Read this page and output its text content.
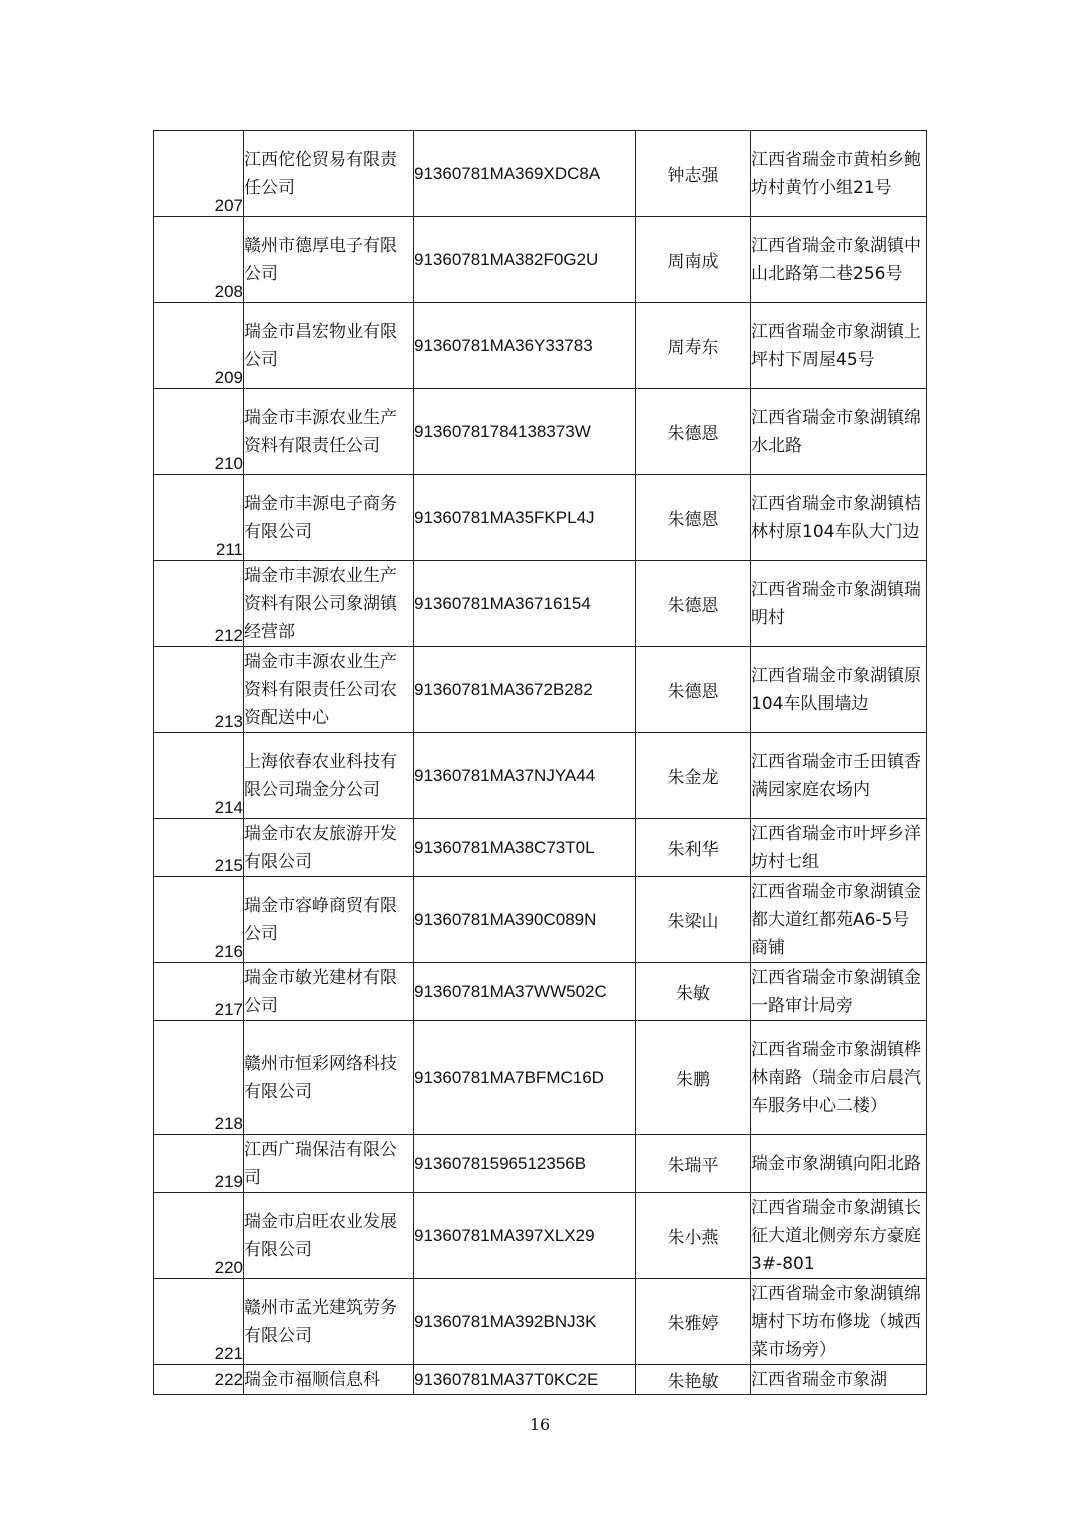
207	江西佗伦贸易有限责任公司	91360781MA369XDC8A	钟志强	江西省瑞金市黄柏乡鲍坊村黄竹小组21号
208	赣州市德厚电子有限公司	91360781MA382F0G2U	周南成	江西省瑞金市象湖镇中山北路第二巷256号
209	瑞金市昌宏物业有限公司	91360781MA36Y33783	周寿东	江西省瑞金市象湖镇上坪村下周屋45号
210	瑞金市丰源农业生产资料有限责任公司	91360781784138373W	朱德恩	江西省瑞金市象湖镇绵水北路
211	瑞金市丰源电子商务有限公司	91360781MA35FKPL4J	朱德恩	江西省瑞金市象湖镇桔林村原104车队大门边
212	瑞金市丰源农业生产资料有限公司象湖镇经营部	91360781MA36716154	朱德恩	江西省瑞金市象湖镇瑞明村
213	瑞金市丰源农业生产资料有限责任公司农资配送中心	91360781MA3672B282	朱德恩	江西省瑞金市象湖镇原104车队围墙边
214	上海依春农业科技有限公司瑞金分公司	91360781MA37NJYA44	朱金龙	江西省瑞金市壬田镇香满园家庭农场内
215	瑞金市农友旅游开发有限公司	91360781MA38C73T0L	朱利华	江西省瑞金市叶坪乡洋坊村七组
216	瑞金市容峥商贸有限公司	91360781MA390C089N	朱梁山	江西省瑞金市象湖镇金都大道红都苑A6-5号商铺
217	瑞金市敏光建材有限公司	91360781MA37WW502C	朱敏	江西省瑞金市象湖镇金一路审计局旁
218	赣州市恒彩网络科技有限公司	91360781MA7BFMC16D	朱鹏	江西省瑞金市象湖镇桦林南路（瑞金市启晨汽车服务中心二楼）
219	江西广瑞保洁有限公司	91360781596512356B	朱瑞平	瑞金市象湖镇向阳北路
220	瑞金市启旺农业发展有限公司	91360781MA397XLX29	朱小燕	江西省瑞金市象湖镇长征大道北侧旁东方豪庭3#-801
221	赣州市孟光建筑劳务有限公司	91360781MA392BNJ3K	朱雅婷	江西省瑞金市象湖镇绵塘村下坊布修垅（城西菜市场旁）
222	瑞金市福顺信息科	91360781MA37T0KC2E	朱艳敏	江西省瑞金市象湖
16
